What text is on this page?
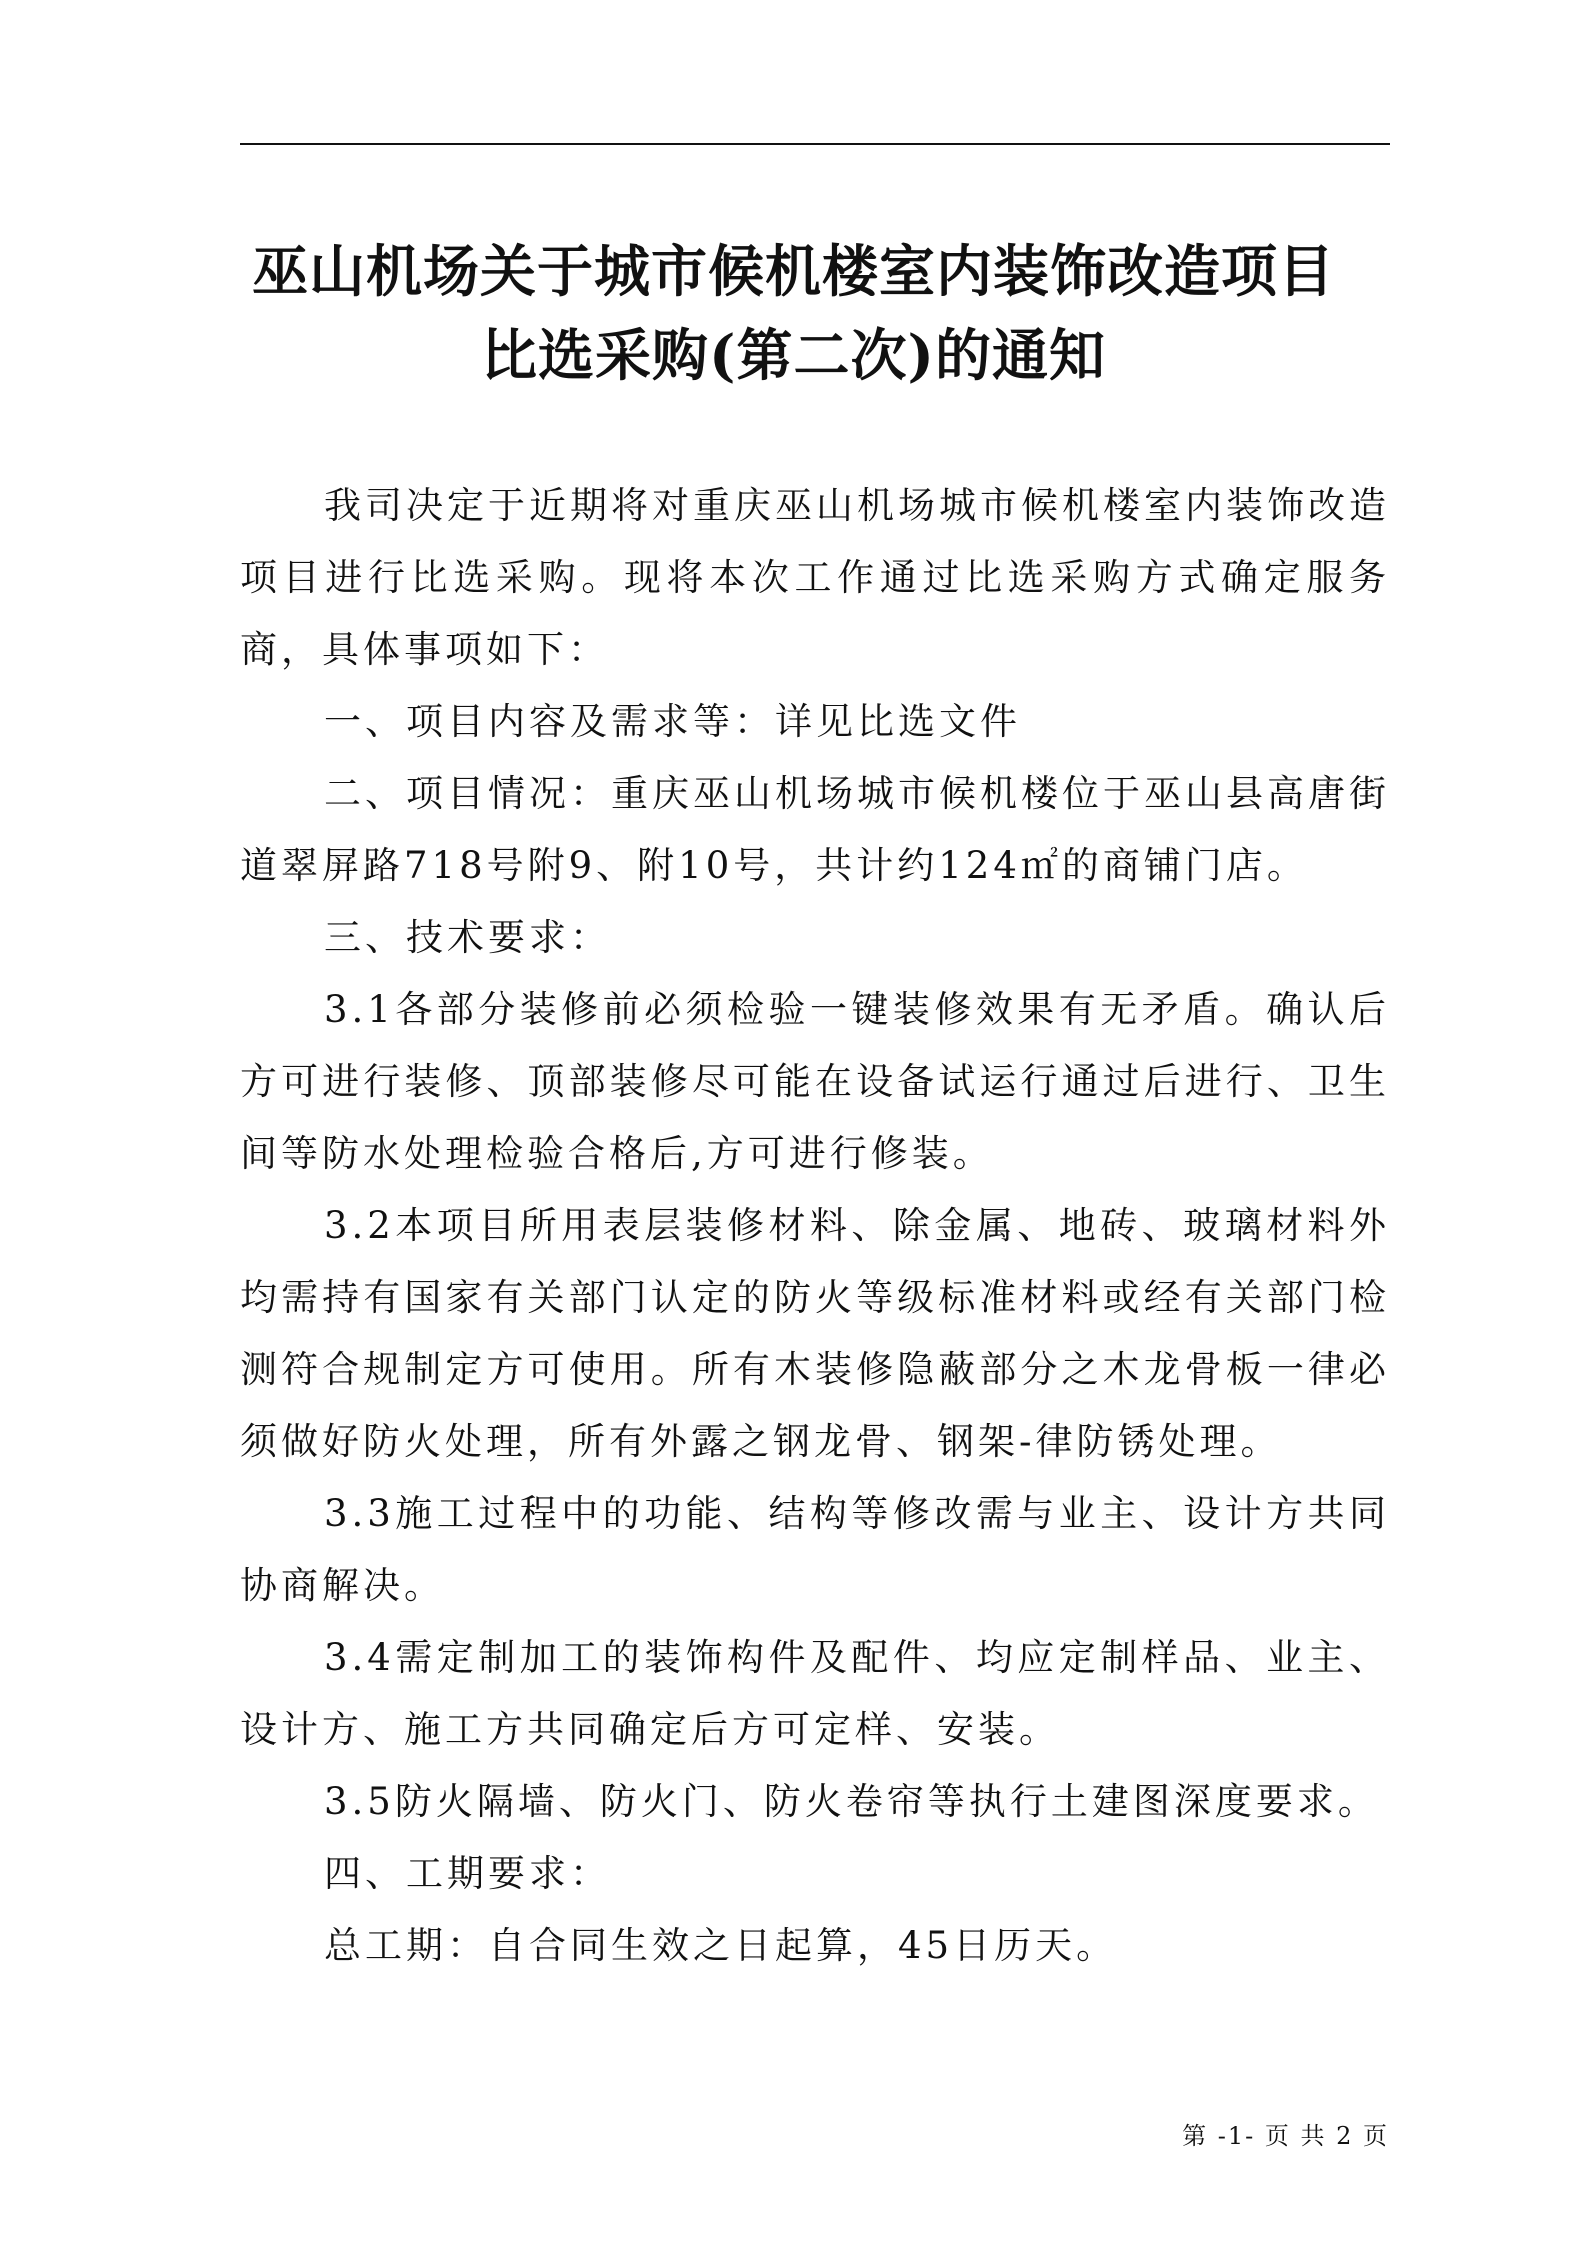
巫山机场关于城市候机楼室内装饰改造项目
比选采购(第二次)的通知

我司决定于近期将对重庆巫山机场城市候机楼室内装饰改造项目进行比选采购。现将本次工作通过比选采购方式确定服务商，具体事项如下：

一、项目内容及需求等：详见比选文件

二、项目情况：重庆巫山机场城市候机楼位于巫山县高唐街道翠屏路718号附9、附10号，共计约124㎡的商铺门店。

三、技术要求：

3.1各部分装修前必须检验一键装修效果有无矛盾。确认后方可进行装修、顶部装修尽可能在设备试运行通过后进行、卫生间等防水处理检验合格后,方可进行修装。

3.2本项目所用表层装修材料、除金属、地砖、玻璃材料外均需持有国家有关部门认定的防火等级标准材料或经有关部门检测符合规制定方可使用。所有木装修隐蔽部分之木龙骨板一律必须做好防火处理，所有外露之钢龙骨、钢架-律防锈处理。

3.3施工过程中的功能、结构等修改需与业主、设计方共同协商解决。

3.4需定制加工的装饰构件及配件、均应定制样品、业主、设计方、施工方共同确定后方可定样、安装。

3.5防火隔墙、防火门、防火卷帘等执行土建图深度要求。

四、工期要求：

总工期：自合同生效之日起算，45日历天。

第 -1- 页 共 2 页
